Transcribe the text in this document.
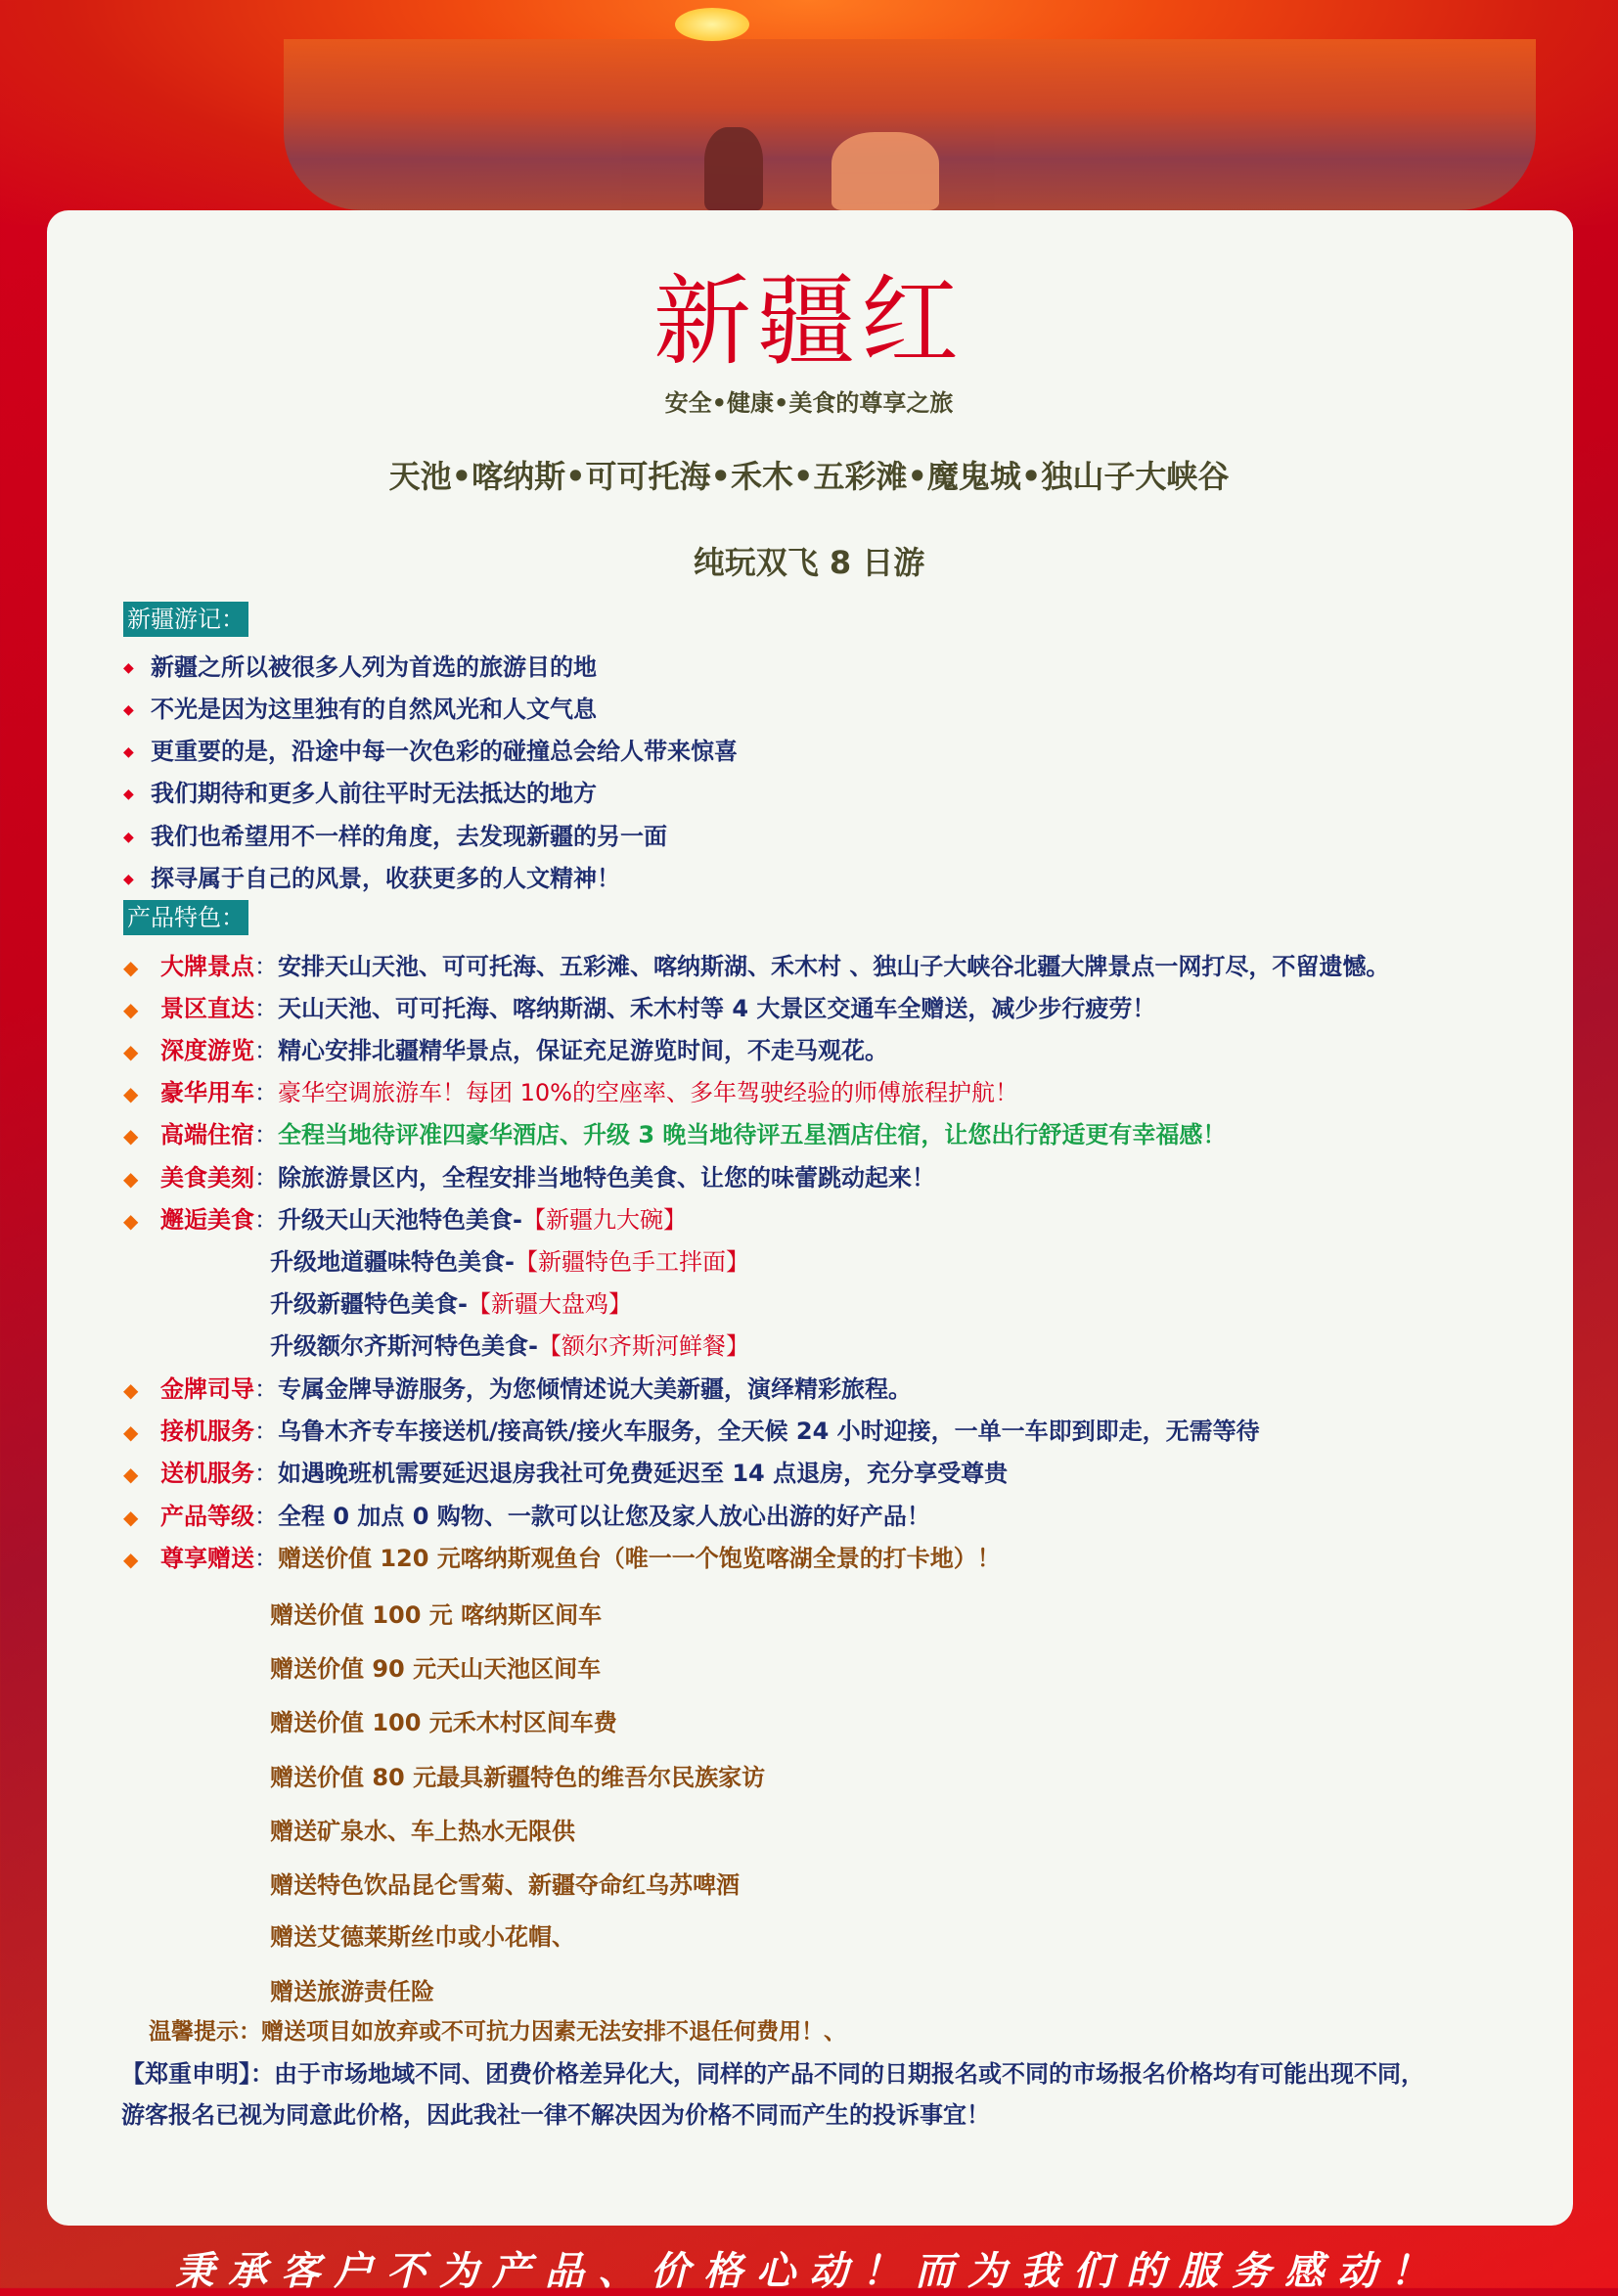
新疆红
安全•健康•美食的尊享之旅
天池•喀纳斯•可可托海•禾木•五彩滩•魔鬼城•独山子大峡谷
纯玩双飞 8 日游
新疆游记：
◆ 新疆之所以被很多人列为首选的旅游目的地
◆ 不光是因为这里独有的自然风光和人文气息
◆ 更重要的是，沿途中每一次色彩的碰撞总会给人带来惊喜
◆ 我们期待和更多人前往平时无法抵达的地方
◆ 我们也希望用不一样的角度，去发现新疆的另一面
◆ 探寻属于自己的风景，收获更多的人文精神！
产品特色：
◆ 大牌景点：安排天山天池、可可托海、五彩滩、喀纳斯湖、禾木村 、独山子大峡谷北疆大牌景点一网打尽，不留遗憾。
◆ 景区直达：天山天池、可可托海、喀纳斯湖、禾木村等 4 大景区交通车全赠送，减少步行疲劳！
◆ 深度游览：精心安排北疆精华景点，保证充足游览时间，不走马观花。
◆ 豪华用车：豪华空调旅游车！每团 10%的空座率、多年驾驶经验的师傅旅程护航！
◆ 高端住宿：全程当地待评准四豪华酒店、升级 3 晚当地待评五星酒店住宿，让您出行舒适更有幸福感！
◆ 美食美刻：除旅游景区内，全程安排当地特色美食、让您的味蕾跳动起来！
◆ 邂逅美食：升级天山天池特色美食-【新疆九大碗】
升级地道疆味特色美食-【新疆特色手工拌面】
升级新疆特色美食-【新疆大盘鸡】
升级额尔齐斯河特色美食-【额尔齐斯河鲜餐】
◆ 金牌司导：专属金牌导游服务，为您倾情述说大美新疆，演绎精彩旅程。
◆ 接机服务：乌鲁木齐专车接送机/接高铁/接火车服务，全天候 24 小时迎接，一单一车即到即走，无需等待
◆ 送机服务：如遇晚班机需要延迟退房我社可免费延迟至 14 点退房，充分享受尊贵
◆ 产品等级：全程 0 加点 0 购物、一款可以让您及家人放心出游的好产品！
◆ 尊享赠送：赠送价值 120 元喀纳斯观鱼台（唯一一个饱览喀湖全景的打卡地）！
赠送价值 100 元 喀纳斯区间车
赠送价值 90 元天山天池区间车
赠送价值 100 元禾木村区间车费
赠送价值 80 元最具新疆特色的维吾尔民族家访
赠送矿泉水、车上热水无限供
赠送特色饮品昆仑雪菊、新疆夺命红乌苏啤酒
赠送艾德莱斯丝巾或小花帽、
赠送旅游责任险
温馨提示：赠送项目如放弃或不可抗力因素无法安排不退任何费用！、
【郑重申明】：由于市场地域不同、团费价格差异化大，同样的产品不同的日期报名或不同的市场报名价格均有可能出现不同，
游客报名已视为同意此价格，因此我社一律不解决因为价格不同而产生的投诉事宜！
秉承客户不为产品、价格心动！而为我们的服务感动！
